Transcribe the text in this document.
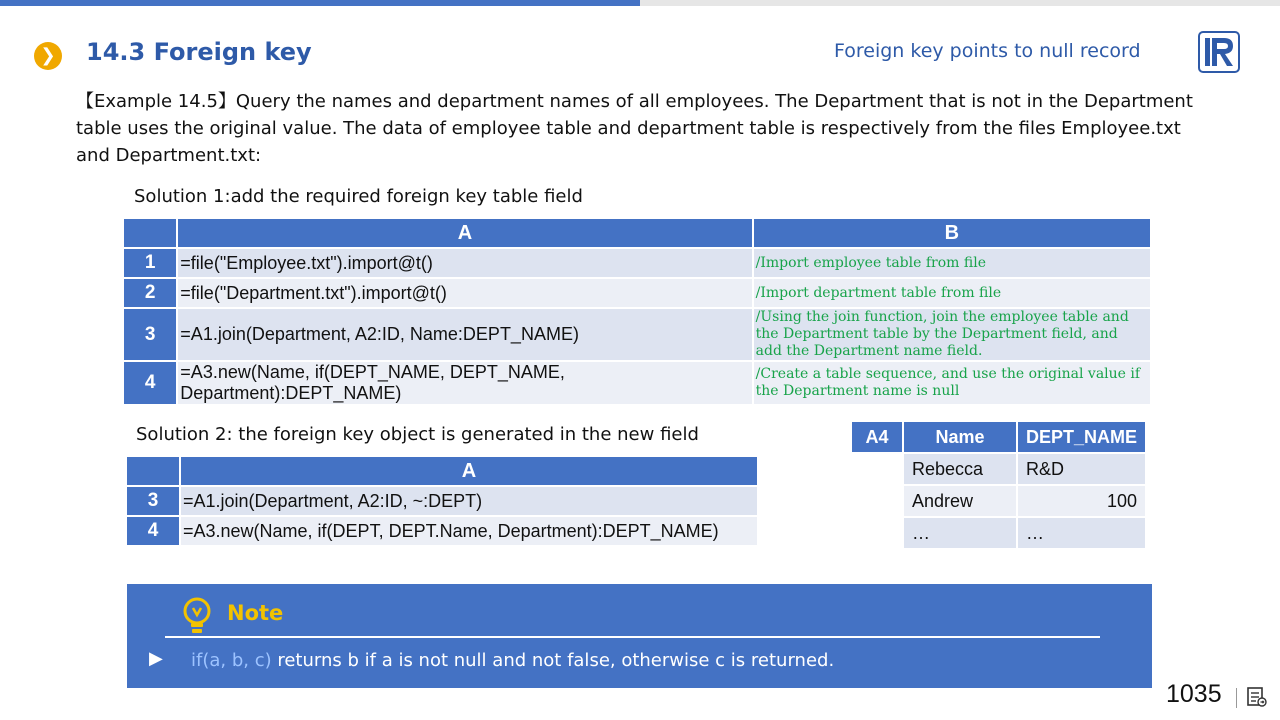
❯ 14.3 Foreign key	Foreign key points to null record
【Example 14.5】Query the names and department names of all employees. The Department that is not in the Department table uses the original value. The data of employee table and department table is respectively from the files Employee.txt and Department.txt:
Solution 1:add the required foreign key table field
	A	B
1	=file("Employee.txt").import@t()	/Import employee table from file
2	=file("Department.txt").import@t()	/Import department table from file
3	=A1.join(Department, A2:ID, Name:DEPT_NAME)	/Using the join function, join the employee table and the Department table by the Department field, and add the Department name field.
4	=A3.new(Name, if(DEPT_NAME, DEPT_NAME, Department):DEPT_NAME)	/Create a table sequence, and use the original value if the Department name is null
Solution 2: the foreign key object is generated in the new field
	A
3	=A1.join(Department, A2:ID, ~:DEPT)
4	=A3.new(Name, if(DEPT, DEPT.Name, Department):DEPT_NAME)
A4	Name	DEPT_NAME
	Rebecca	R&D
	Andrew	100
	…	…
Note
▶ if(a, b, c) returns b if a is not null and not false, otherwise c is returned.
1035
